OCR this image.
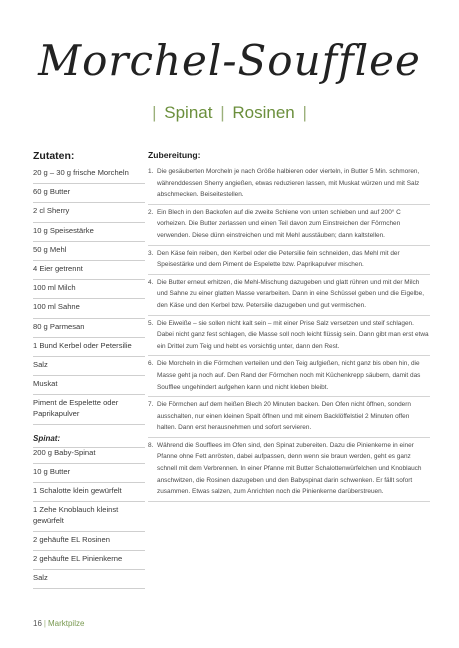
Morchel-Soufflee
| Spinat | Rosinen |
Zutaten:
20 g – 30 g frische Morcheln
60 g Butter
2 cl Sherry
10 g Speisestärke
50 g Mehl
4 Eier getrennt
100 ml Milch
100 ml Sahne
80 g Parmesan
1 Bund Kerbel oder Petersilie
Salz
Muskat
Piment de Espelette oder Paprikapulver
Spinat:
200 g Baby-Spinat
10 g Butter
1 Schalotte klein gewürfelt
1 Zehe Knoblauch kleinst gewürfelt
2 gehäufte EL Rosinen
2 gehäufte EL Pinienkerne
Salz
Zubereitung:
1. Die gesäuberten Morcheln je nach Größe halbieren oder vierteln, in Butter 5 Min. schmoren, währenddessen Sherry angießen, etwas reduzieren lassen, mit Muskat würzen und mit Salz abschmecken. Beiseitestellen.
2. Ein Blech in den Backofen auf die zweite Schiene von unten schieben und auf 200° C vorheizen. Die Butter zerlassen und einen Teil davon zum Einstreichen der Förmchen verwenden. Diese dünn einstreichen und mit Mehl ausstäuben; dann kaltstellen.
3. Den Käse fein reiben, den Kerbel oder die Petersilie fein schneiden, das Mehl mit der Speisestärke und dem Piment de Espelette bzw. Paprikapulver mischen.
4. Die Butter erneut erhitzen, die Mehl-Mischung dazugeben und glatt rühren und mit der Milch und Sahne zu einer glatten Masse verarbeiten. Dann in eine Schüssel geben und die Eigelbe, den Käse und den Kerbel bzw. Petersilie dazugeben und gut vermischen.
5. Die Eiweiße – sie sollen nicht kalt sein – mit einer Prise Salz versetzen und steif schlagen. Dabei nicht ganz fest schlagen, die Masse soll noch leicht flüssig sein. Dann gibt man erst etwa ein Drittel zum Teig und hebt es vorsichtig unter, dann den Rest.
6. Die Morcheln in die Förmchen verteilen und den Teig aufgießen, nicht ganz bis oben hin, die Masse geht ja noch auf. Den Rand der Förmchen noch mit Küchenkrepp säubern, damit das Soufflee ungehindert aufgehen kann und nicht kleben bleibt.
7. Die Förmchen auf dem heißen Blech 20 Minuten backen. Den Ofen nicht öffnen, sondern ausschalten, nur einen kleinen Spalt öffnen und mit einem Backlöffelstiel 2 Minuten offen halten. Dann erst herausnehmen und sofort servieren.
8. Während die Soufflees im Ofen sind, den Spinat zubereiten. Dazu die Pinienkerne in einer Pfanne ohne Fett anrösten, dabei aufpassen, denn wenn sie braun werden, geht es ganz schnell mit dem Verbrennen. In einer Pfanne mit Butter Schalottenwürfelchen und Knoblauch anschwitzen, die Rosinen dazugeben und den Babyspinat darin schwenken. Er fällt sofort zusammen. Etwas salzen, zum Anrichten noch die Pinienkerne darüberstreuen.
16 | Marktpilze
